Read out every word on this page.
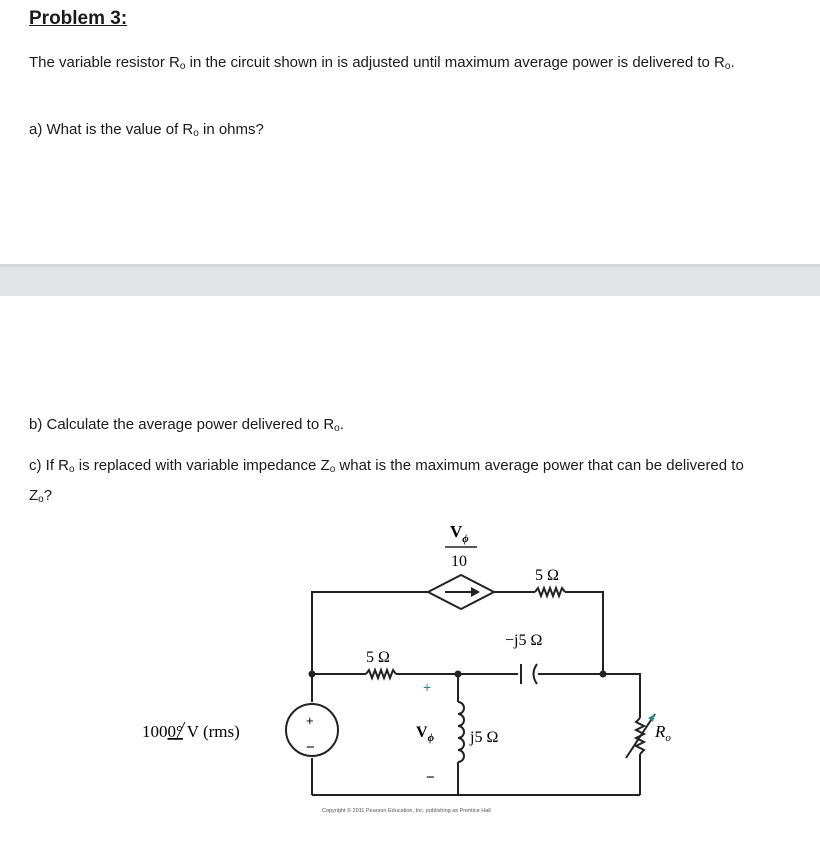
Problem 3:
The variable resistor $R_o$ in the circuit shown in is adjusted until maximum average power is delivered to $R_o$.
a) What is the value of $R_o$ in ohms?
b) Calculate the average power delivered to $R_o$.
c) If $R_o$ is replaced with variable impedance $Z_o$ what is the maximum average power that can be delivered to $Z_o$?
$V_\phi$
10
5 Ω
5 Ω
−j5 Ω
j5 Ω
1000° V (rms)
+
−
+
$V_\phi$
−
$R_o$
Copyright © 2011 Pearson Education, Inc. publishing as Prentice Hall
